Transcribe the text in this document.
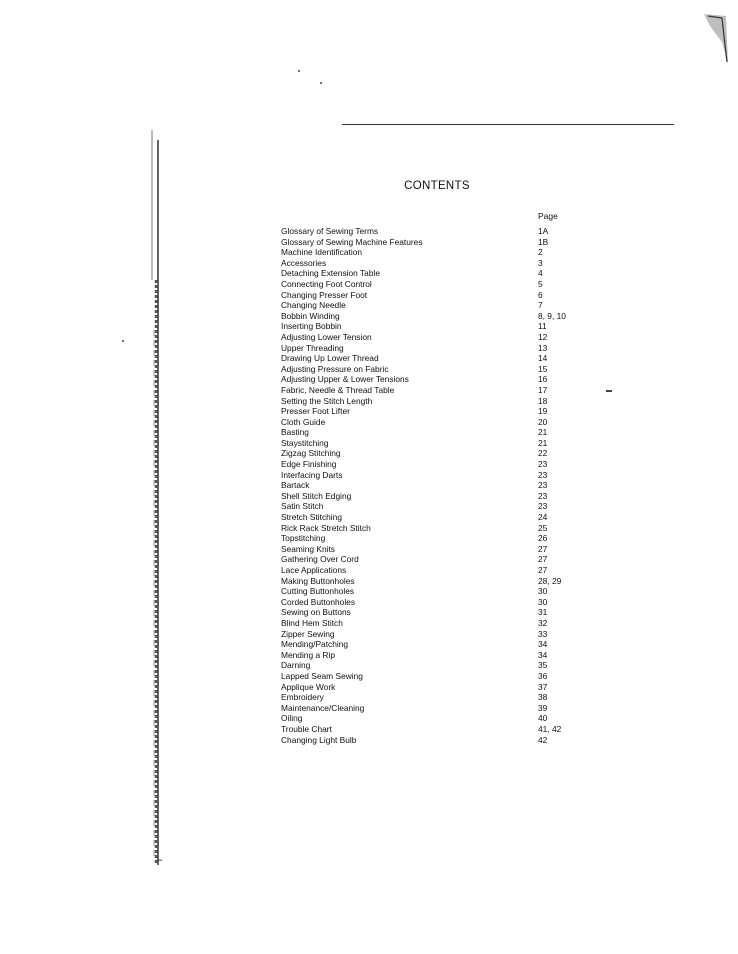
CONTENTS
Page
Glossary of Sewing Terms	1A
Glossary of Sewing Machine Features	1B
Machine Identification	2
Accessories	3
Detaching Extension Table	4
Connecting Foot Control	5
Changing Presser Foot	6
Changing Needle	7
Bobbin Winding	8, 9, 10
Inserting Bobbin	11
Adjusting Lower Tension	12
Upper Threading	13
Drawing Up Lower Thread	14
Adjusting Pressure on Fabric	15
Adjusting Upper & Lower Tensions	16
Fabric, Needle & Thread Table	17
Setting the Stitch Length	18
Presser Foot Lifter	19
Cloth Guide	20
Basting	21
Staystitching	21
Zigzag Stitching	22
Edge Finishing	23
Interfacing Darts	23
Bartack	23
Shell Stitch Edging	23
Satin Stitch	23
Stretch Stitching	24
Rick Rack Stretch Stitch	25
Topstitching	26
Seaming Knits	27
Gathering Over Cord	27
Lace Applications	27
Making Buttonholes	28, 29
Cutting Buttonholes	30
Corded Buttonholes	30
Sewing on Buttons	31
Blind Hem Stitch	32
Zipper Sewing	33
Mending/Patching	34
Mending a Rip	34
Darning	35
Lapped Seam Sewing	36
Applique Work	37
Embroidery	38
Maintenance/Cleaning	39
Oiling	40
Trouble Chart	41, 42
Changing Light Bulb	42
